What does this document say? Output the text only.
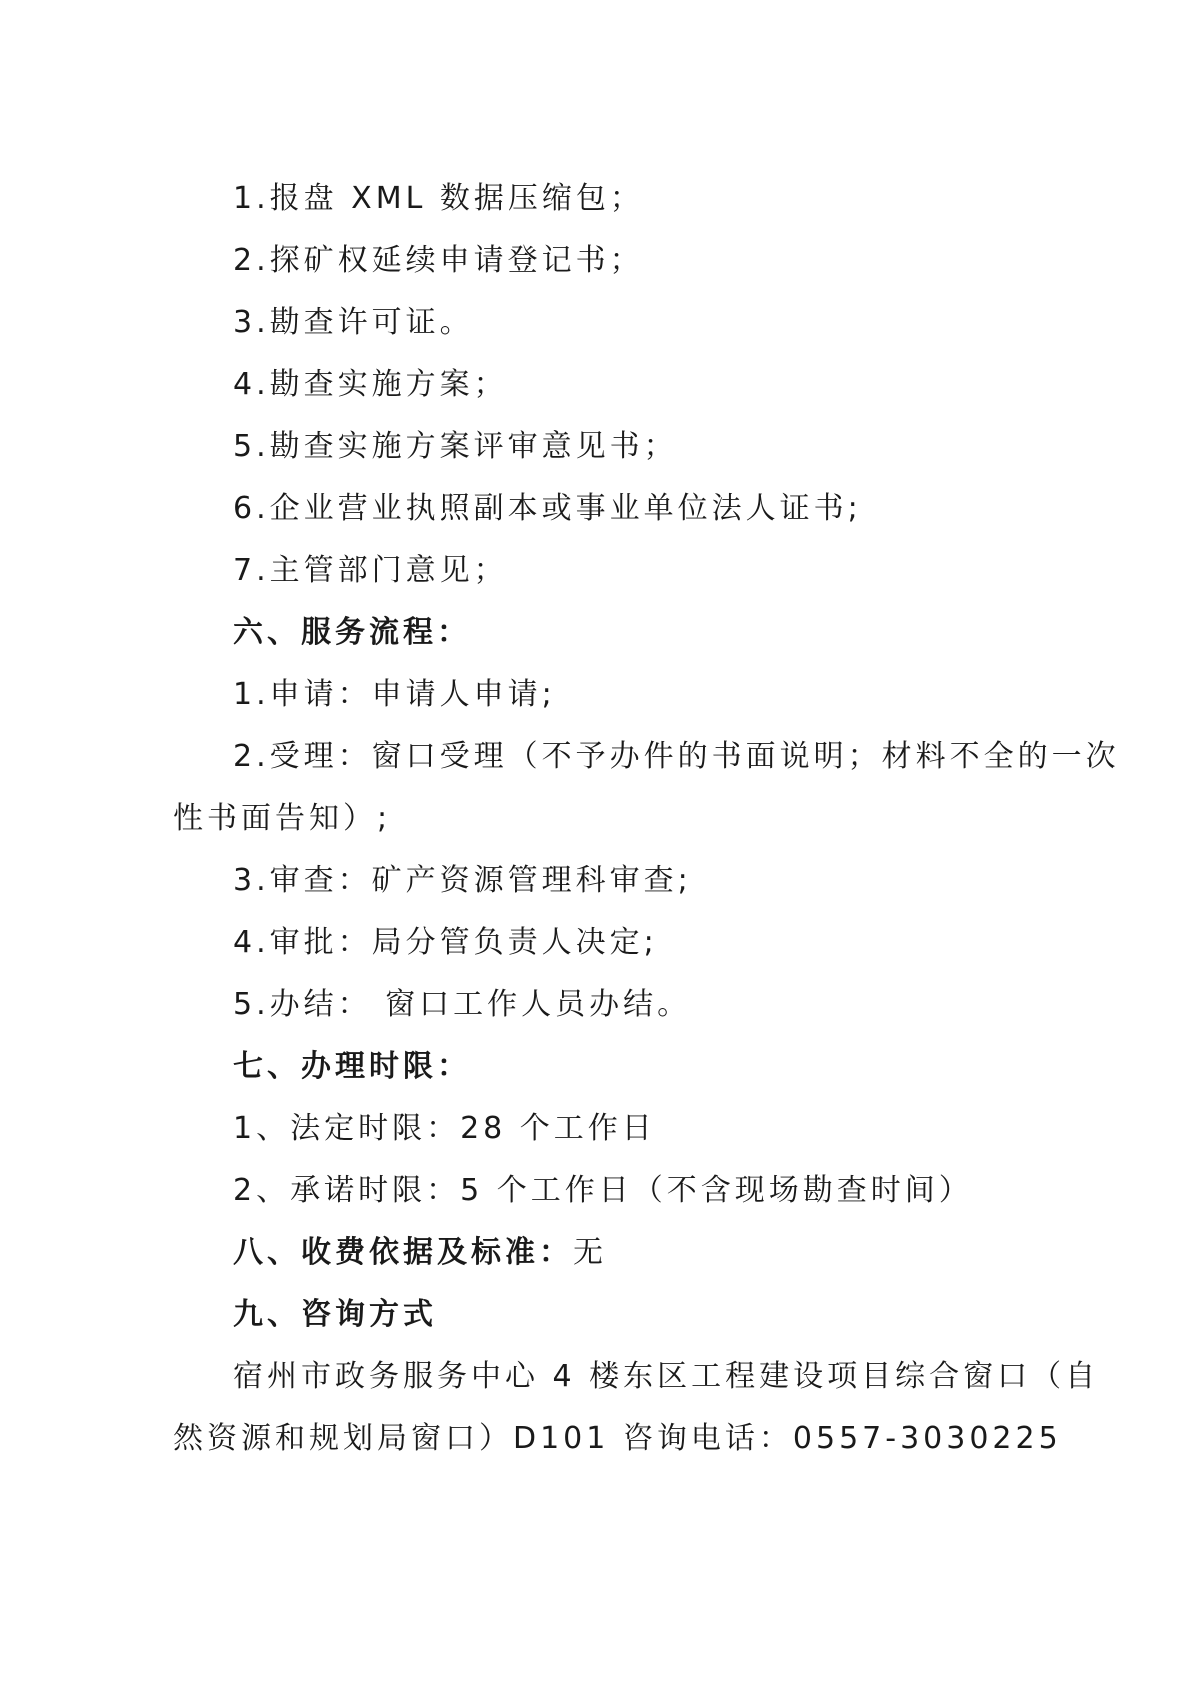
1.报盘 XML 数据压缩包；
2.探矿权延续申请登记书；
3.勘查许可证。
4.勘查实施方案；
5.勘查实施方案评审意见书；
6.企业营业执照副本或事业单位法人证书;
7.主管部门意见；
六、服务流程：
1.申请：申请人申请;
2.受理：窗口受理（不予办件的书面说明；材料不全的一次
性书面告知）;
3.审查：矿产资源管理科审查;
4.审批：局分管负责人决定;
5.办结： 窗口工作人员办结。
七、办理时限：
1、法定时限：28 个工作日
2、承诺时限：5 个工作日（不含现场勘查时间）
八、收费依据及标准：无
九、咨询方式
宿州市政务服务中心 4 楼东区工程建设项目综合窗口（自
然资源和规划局窗口）D101 咨询电话：0557-3030225
